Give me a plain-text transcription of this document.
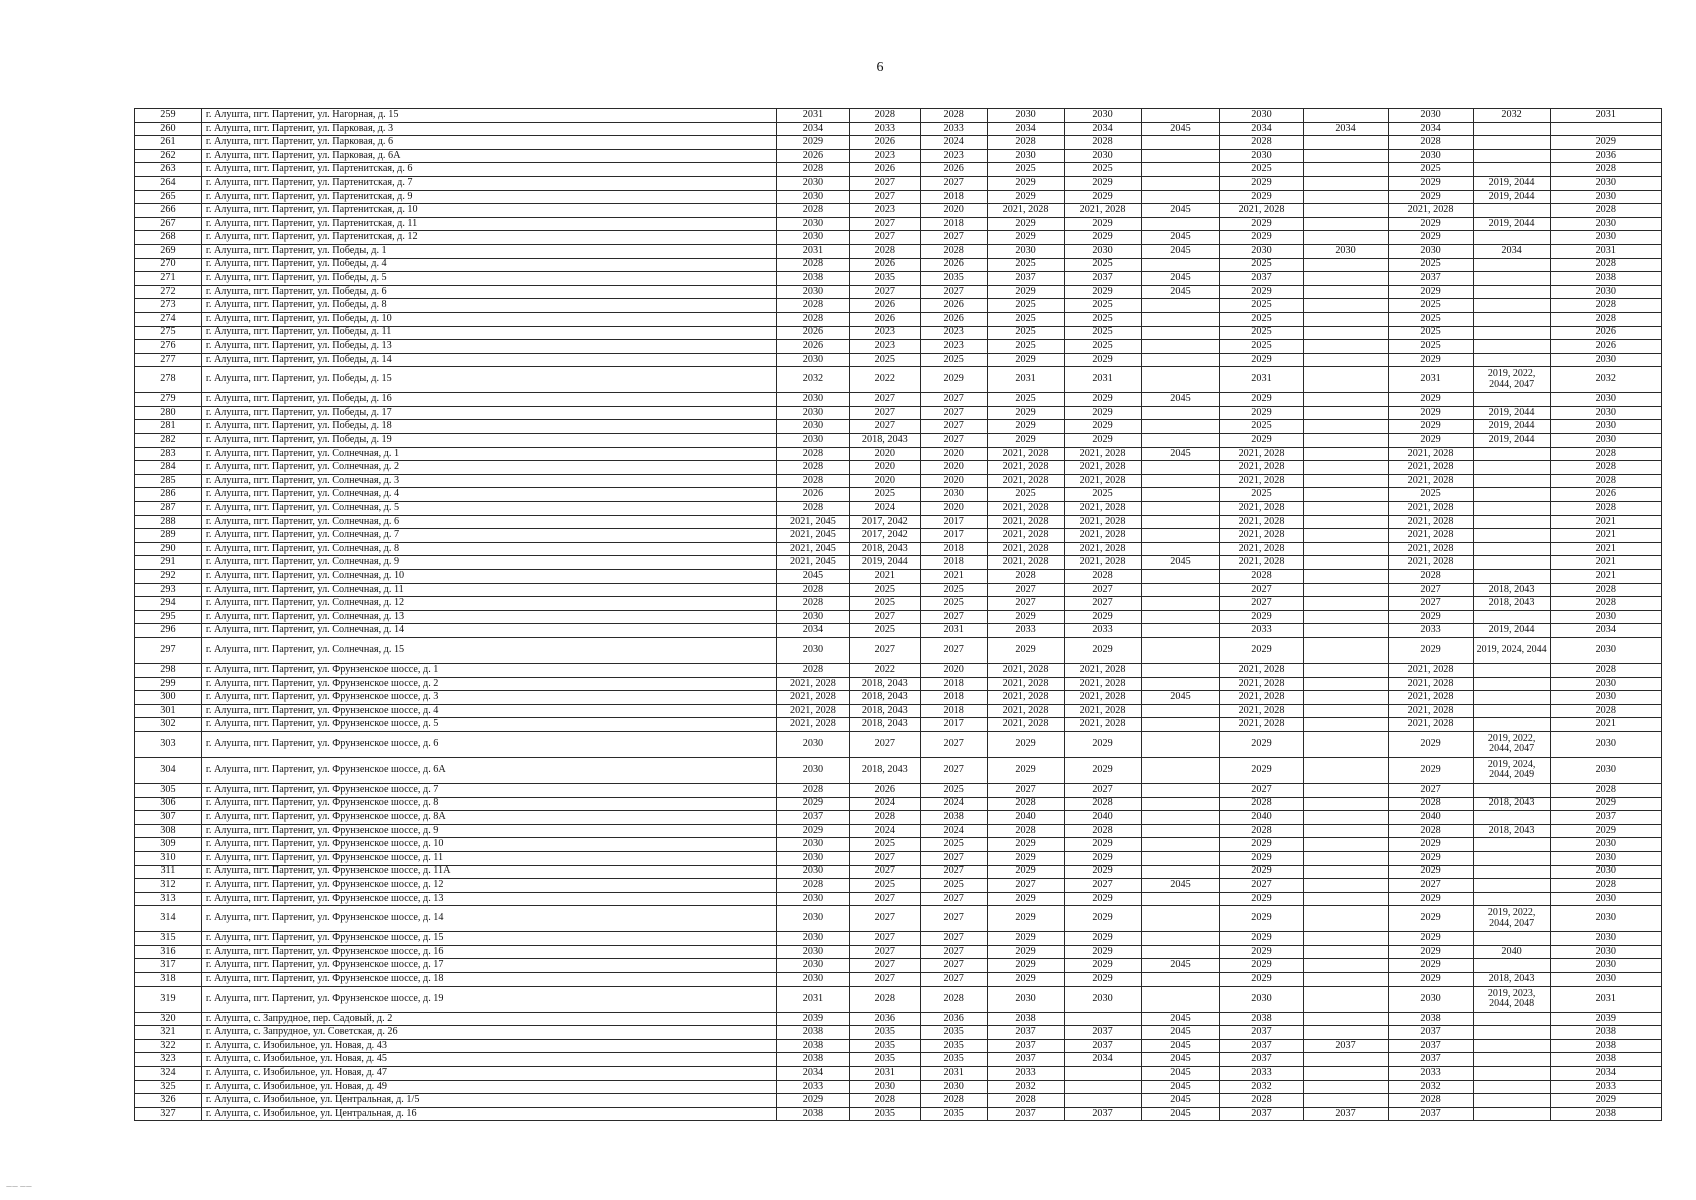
6
259	г. Алушта, пгт. Партенит, ул. Нагорная, д. 15	2031	2028	2028	2030	2030		2030		2030	2032	2031
260	г. Алушта, пгт. Партенит, ул. Парковая, д. 3	2034	2033	2033	2034	2034	2045	2034	2034	2034		
261	г. Алушта, пгт. Партенит, ул. Парковая, д. 6	2029	2026	2024	2028	2028		2028		2028		2029
262	г. Алушта, пгт. Партенит, ул. Парковая, д. 6А	2026	2023	2023	2030	2030		2030		2030		2036
263	г. Алушта, пгт. Партенит, ул. Партенитская, д. 6	2028	2026	2026	2025	2025		2025		2025		2028
264	г. Алушта, пгт. Партенит, ул. Партенитская, д. 7	2030	2027	2027	2029	2029		2029		2029	2019, 2044	2030
265	г. Алушта, пгт. Партенит, ул. Партенитская, д. 9	2030	2027	2018	2029	2029		2029		2029	2019, 2044	2030
266	г. Алушта, пгт. Партенит, ул. Партенитская, д. 10	2028	2023	2020	2021, 2028	2021, 2028	2045	2021, 2028		2021, 2028		2028
267	г. Алушта, пгт. Партенит, ул. Партенитская, д. 11	2030	2027	2018	2029	2029		2029		2029	2019, 2044	2030
268	г. Алушта, пгт. Партенит, ул. Партенитская, д. 12	2030	2027	2027	2029	2029	2045	2029		2029		2030
269	г. Алушта, пгт. Партенит, ул. Победы, д. 1	2031	2028	2028	2030	2030	2045	2030	2030	2030	2034	2031
270	г. Алушта, пгт. Партенит, ул. Победы, д. 4	2028	2026	2026	2025	2025		2025		2025		2028
271	г. Алушта, пгт. Партенит, ул. Победы, д. 5	2038	2035	2035	2037	2037	2045	2037		2037		2038
272	г. Алушта, пгт. Партенит, ул. Победы, д. 6	2030	2027	2027	2029	2029	2045	2029		2029		2030
273	г. Алушта, пгт. Партенит, ул. Победы, д. 8	2028	2026	2026	2025	2025		2025		2025		2028
274	г. Алушта, пгт. Партенит, ул. Победы, д. 10	2028	2026	2026	2025	2025		2025		2025		2028
275	г. Алушта, пгт. Партенит, ул. Победы, д. 11	2026	2023	2023	2025	2025		2025		2025		2026
276	г. Алушта, пгт. Партенит, ул. Победы, д. 13	2026	2023	2023	2025	2025		2025		2025		2026
277	г. Алушта, пгт. Партенит, ул. Победы, д. 14	2030	2025	2025	2029	2029		2029		2029		2030
278	г. Алушта, пгт. Партенит, ул. Победы, д. 15	2032	2022	2029	2031	2031		2031		2031	2019, 2022, 2044, 2047	2032
279	г. Алушта, пгт. Партенит, ул. Победы, д. 16	2030	2027	2027	2025	2029	2045	2029		2029		2030
280	г. Алушта, пгт. Партенит, ул. Победы, д. 17	2030	2027	2027	2029	2029		2029		2029	2019, 2044	2030
281	г. Алушта, пгт. Партенит, ул. Победы, д. 18	2030	2027	2027	2029	2029		2025		2029	2019, 2044	2030
282	г. Алушта, пгт. Партенит, ул. Победы, д. 19	2030	2018, 2043	2027	2029	2029		2029		2029	2019, 2044	2030
283	г. Алушта, пгт. Партенит, ул. Солнечная, д. 1	2028	2020	2020	2021, 2028	2021, 2028	2045	2021, 2028		2021, 2028		2028
284	г. Алушта, пгт. Партенит, ул. Солнечная, д. 2	2028	2020	2020	2021, 2028	2021, 2028		2021, 2028		2021, 2028		2028
285	г. Алушта, пгт. Партенит, ул. Солнечная, д. 3	2028	2020	2020	2021, 2028	2021, 2028		2021, 2028		2021, 2028		2028
286	г. Алушта, пгт. Партенит, ул. Солнечная, д. 4	2026	2025	2030	2025	2025		2025		2025		2026
287	г. Алушта, пгт. Партенит, ул. Солнечная, д. 5	2028	2024	2020	2021, 2028	2021, 2028		2021, 2028		2021, 2028		2028
288	г. Алушта, пгт. Партенит, ул. Солнечная, д. 6	2021, 2045	2017, 2042	2017	2021, 2028	2021, 2028		2021, 2028		2021, 2028		2021
289	г. Алушта, пгт. Партенит, ул. Солнечная, д. 7	2021, 2045	2017, 2042	2017	2021, 2028	2021, 2028		2021, 2028		2021, 2028		2021
290	г. Алушта, пгт. Партенит, ул. Солнечная, д. 8	2021, 2045	2018, 2043	2018	2021, 2028	2021, 2028		2021, 2028		2021, 2028		2021
291	г. Алушта, пгт. Партенит, ул. Солнечная, д. 9	2021, 2045	2019, 2044	2018	2021, 2028	2021, 2028	2045	2021, 2028		2021, 2028		2021
292	г. Алушта, пгт. Партенит, ул. Солнечная, д. 10	2045	2021	2021	2028	2028		2028		2028		2021
293	г. Алушта, пгт. Партенит, ул. Солнечная, д. 11	2028	2025	2025	2027	2027		2027		2027	2018, 2043	2028
294	г. Алушта, пгт. Партенит, ул. Солнечная, д. 12	2028	2025	2025	2027	2027		2027		2027	2018, 2043	2028
295	г. Алушта, пгт. Партенит, ул. Солнечная, д. 13	2030	2027	2027	2029	2029		2029		2029		2030
296	г. Алушта, пгт. Партенит, ул. Солнечная, д. 14	2034	2025	2031	2033	2033		2033		2033	2019, 2044	2034
297	г. Алушта, пгт. Партенит, ул. Солнечная, д. 15	2030	2027	2027	2029	2029		2029		2029	2019, 2024, 2044	2030
298	г. Алушта, пгт. Партенит, ул. Фрунзенское шоссе, д. 1	2028	2022	2020	2021, 2028	2021, 2028		2021, 2028		2021, 2028		2028
299	г. Алушта, пгт. Партенит, ул. Фрунзенское шоссе, д. 2	2021, 2028	2018, 2043	2018	2021, 2028	2021, 2028		2021, 2028		2021, 2028		2030
300	г. Алушта, пгт. Партенит, ул. Фрунзенское шоссе, д. 3	2021, 2028	2018, 2043	2018	2021, 2028	2021, 2028	2045	2021, 2028		2021, 2028		2030
301	г. Алушта, пгт. Партенит, ул. Фрунзенское шоссе, д. 4	2021, 2028	2018, 2043	2018	2021, 2028	2021, 2028		2021, 2028		2021, 2028		2028
302	г. Алушта, пгт. Партенит, ул. Фрунзенское шоссе, д. 5	2021, 2028	2018, 2043	2017	2021, 2028	2021, 2028		2021, 2028		2021, 2028		2021
303	г. Алушта, пгт. Партенит, ул. Фрунзенское шоссе, д. 6	2030	2027	2027	2029	2029		2029		2029	2019, 2022, 2044, 2047	2030
304	г. Алушта, пгт. Партенит, ул. Фрунзенское шоссе, д. 6А	2030	2018, 2043	2027	2029	2029		2029		2029	2019, 2024, 2044, 2049	2030
305	г. Алушта, пгт. Партенит, ул. Фрунзенское шоссе, д. 7	2028	2026	2025	2027	2027		2027		2027		2028
306	г. Алушта, пгт. Партенит, ул. Фрунзенское шоссе, д. 8	2029	2024	2024	2028	2028		2028		2028	2018, 2043	2029
307	г. Алушта, пгт. Партенит, ул. Фрунзенское шоссе, д. 8А	2037	2028	2038	2040	2040		2040		2040		2037
308	г. Алушта, пгт. Партенит, ул. Фрунзенское шоссе, д. 9	2029	2024	2024	2028	2028		2028		2028	2018, 2043	2029
309	г. Алушта, пгт. Партенит, ул. Фрунзенское шоссе, д. 10	2030	2025	2025	2029	2029		2029		2029		2030
310	г. Алушта, пгт. Партенит, ул. Фрунзенское шоссе, д. 11	2030	2027	2027	2029	2029		2029		2029		2030
311	г. Алушта, пгт. Партенит, ул. Фрунзенское шоссе, д. 11А	2030	2027	2027	2029	2029		2029		2029		2030
312	г. Алушта, пгт. Партенит, ул. Фрунзенское шоссе, д. 12	2028	2025	2025	2027	2027	2045	2027		2027		2028
313	г. Алушта, пгт. Партенит, ул. Фрунзенское шоссе, д. 13	2030	2027	2027	2029	2029		2029		2029		2030
314	г. Алушта, пгт. Партенит, ул. Фрунзенское шоссе, д. 14	2030	2027	2027	2029	2029		2029		2029	2019, 2022, 2044, 2047	2030
315	г. Алушта, пгт. Партенит, ул. Фрунзенское шоссе, д. 15	2030	2027	2027	2029	2029		2029		2029		2030
316	г. Алушта, пгт. Партенит, ул. Фрунзенское шоссе, д. 16	2030	2027	2027	2029	2029		2029		2029	2040	2030
317	г. Алушта, пгт. Партенит, ул. Фрунзенское шоссе, д. 17	2030	2027	2027	2029	2029	2045	2029		2029		2030
318	г. Алушта, пгт. Партенит, ул. Фрунзенское шоссе, д. 18	2030	2027	2027	2029	2029		2029		2029	2018, 2043	2030
319	г. Алушта, пгт. Партенит, ул. Фрунзенское шоссе, д. 19	2031	2028	2028	2030	2030		2030		2030	2019, 2023, 2044, 2048	2031
320	г. Алушта, с. Запрудное, пер. Садовый, д. 2	2039	2036	2036	2038		2045	2038		2038		2039
321	г. Алушта, с. Запрудное, ул. Советская, д. 26	2038	2035	2035	2037	2037	2045	2037		2037		2038
322	г. Алушта, с. Изобильное, ул. Новая, д. 43	2038	2035	2035	2037	2037	2045	2037	2037	2037		2038
323	г. Алушта, с. Изобильное, ул. Новая, д. 45	2038	2035	2035	2037	2034	2045	2037		2037		2038
324	г. Алушта, с. Изобильное, ул. Новая, д. 47	2034	2031	2031	2033		2045	2033		2033		2034
325	г. Алушта, с. Изобильное, ул. Новая, д. 49	2033	2030	2030	2032		2045	2032		2032		2033
326	г. Алушта, с. Изобильное, ул. Центральная, д. 1/5	2029	2028	2028	2028		2045	2028		2028		2029
327	г. Алушта, с. Изобильное, ул. Центральная, д. 16	2038	2035	2035	2037	2037	2045	2037	2037	2037		2038
—— ——
